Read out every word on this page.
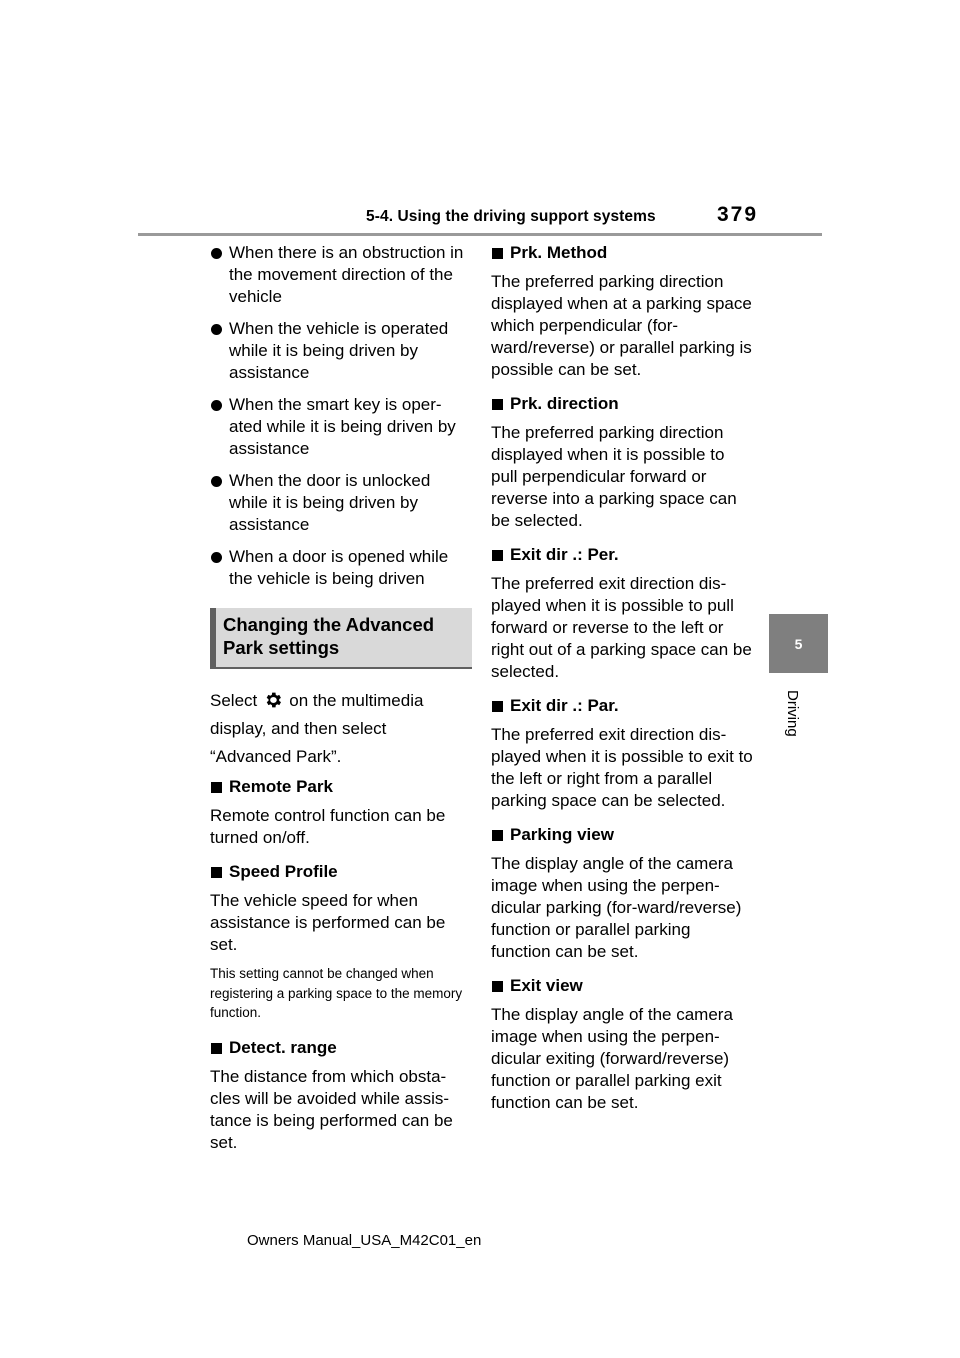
5-4. Using the driving support systems	379
5
Driving
When there is an obstruction in the movement direction of the vehicle
When the vehicle is operated while it is being driven by assistance
When the smart key is oper-ated while it is being driven by assistance
When the door is unlocked while it is being driven by assistance
When a door is opened while the vehicle is being driven
Changing the Advanced Park settings
Select on the multimedia display, and then select “Advanced Park”.
Remote Park
Remote control function can be turned on/off.
Speed Profile
The vehicle speed for when assistance is performed can be set.
This setting cannot be changed when registering a parking space to the memory function.
Detect. range
The distance from which obsta-cles will be avoided while assis-tance is being performed can be set.
Prk. Method
The preferred parking direction displayed when at a parking space which perpendicular (for-ward/reverse) or parallel parking is possible can be set.
Prk. direction
The preferred parking direction displayed when it is possible to pull perpendicular forward or reverse into a parking space can be selected.
Exit dir .: Per.
The preferred exit direction dis-played when it is possible to pull forward or reverse to the left or right out of a parking space can be selected.
Exit dir .: Par.
The preferred exit direction dis-played when it is possible to exit to the left or right from a parallel parking space can be selected.
Parking view
The display angle of the camera image when using the perpen-dicular parking (for-ward/reverse) function or parallel parking function can be set.
Exit view
The display angle of the camera image when using the perpen-dicular exiting (forward/reverse) function or parallel parking exit function can be set.
Owners Manual_USA_M42C01_en
